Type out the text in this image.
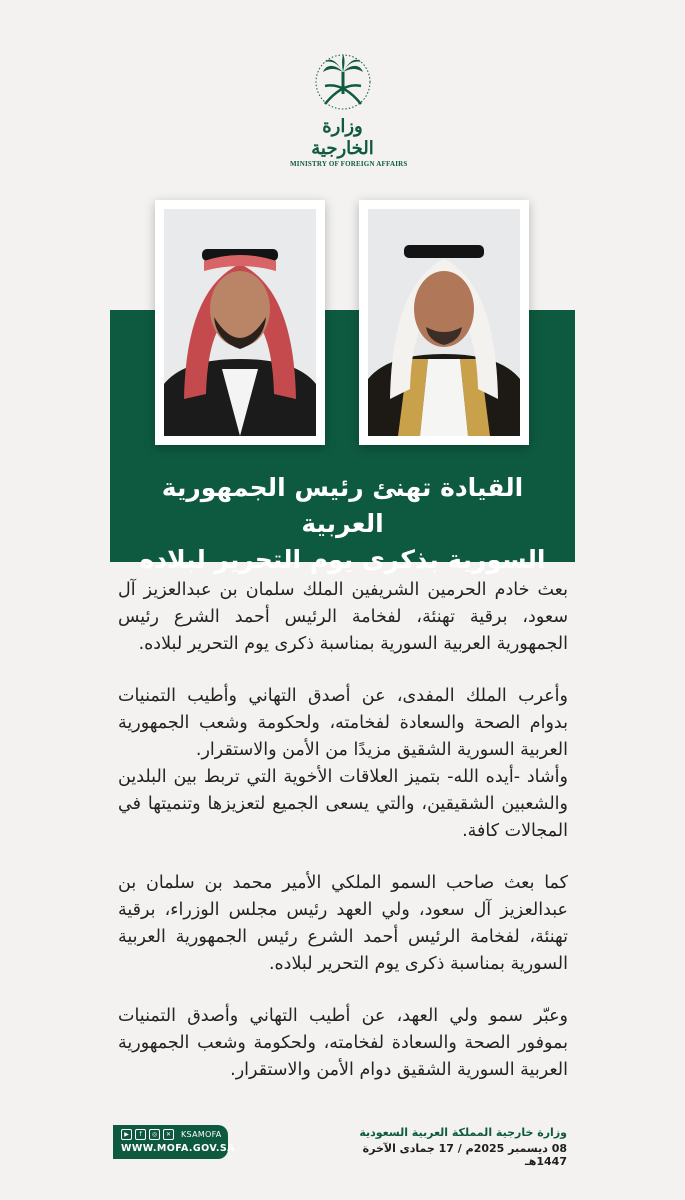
وزارة الخارجية
MINISTRY OF FOREIGN AFFAIRS
القيادة تهنئ رئيس الجمهورية العربية
السورية بذكرى يوم التحرير لبلاده

بعث خادم الحرمين الشريفين الملك سلمان بن عبدالعزيز آل سعود، برقية تهنئة، لفخامة الرئيس أحمد الشرع رئيس الجمهورية العربية السورية بمناسبة ذكرى يوم التحرير لبلاده.

وأعرب الملك المفدى، عن أصدق التهاني وأطيب التمنيات بدوام الصحة والسعادة لفخامته، ولحكومة وشعب الجمهورية العربية السورية الشقيق مزيدًا من الأمن والاستقرار.

وأشاد -أيده الله- بتميز العلاقات الأخوية التي تربط بين البلدين والشعبين الشقيقين، والتي يسعى الجميع لتعزيزها وتنميتها في المجالات كافة.

كما بعث صاحب السمو الملكي الأمير محمد بن سلمان بن عبدالعزيز آل سعود، ولي العهد رئيس مجلس الوزراء، برقية تهنئة، لفخامة الرئيس أحمد الشرع رئيس الجمهورية العربية السورية بمناسبة ذكرى يوم التحرير لبلاده.

وعبّر سمو ولي العهد، عن أطيب التهاني وأصدق التمنيات بموفور الصحة والسعادة لفخامته، ولحكومة وشعب الجمهورية العربية السورية الشقيق دوام الأمن والاستقرار.

▶	f	◎	✕	KSAMOFA
WWW.MOFA.GOV.SA
وزارة خارجية المملكة العربية السعودية
08 ديسمبر 2025م / 17 جمادى الآخرة 1447هـ
